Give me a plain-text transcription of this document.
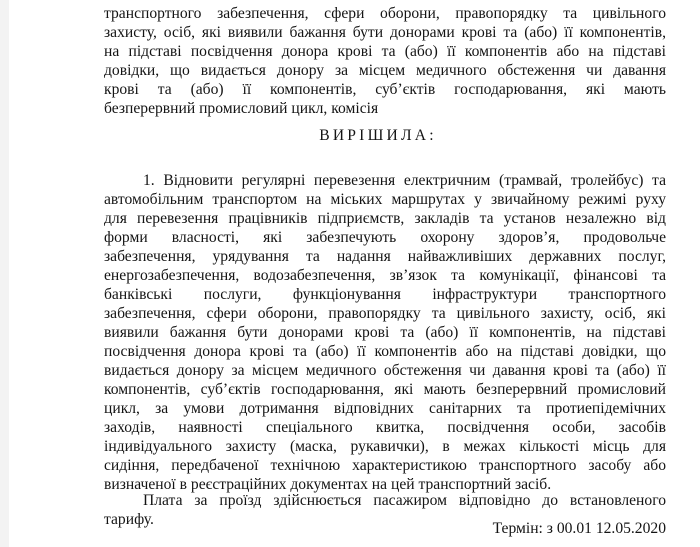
транспортного забезпечення, сфери оборони, правопорядку та цивільного
захисту, осіб, які виявили бажання бути донорами крові та (або) її компонентів,
на підставі посвідчення донора крові та (або) її компонентів або на підставі
довідки, що видається донору за місцем медичного обстеження чи давання
крові та (або) її компонентів, суб’єктів господарювання, які мають
безперервний промисловий цикл, комісія
ВИРІШИЛА:
1. Відновити регулярні перевезення електричним (трамвай, тролейбус) та
автомобільним транспортом на міських маршрутах у звичайному режимі руху
для перевезення працівників підприємств, закладів та установ незалежно від
форми власності, які забезпечують охорону здоров’я, продовольче
забезпечення, урядування та надання найважливіших державних послуг,
енергозабезпечення, водозабезпечення, зв’язок та комунікації, фінансові та
банківські послуги, функціонування інфраструктури транспортного
забезпечення, сфери оборони, правопорядку та цивільного захисту, осіб, які
виявили бажання бути донорами крові та (або) її компонентів, на підставі
посвідчення донора крові та (або) її компонентів або на підставі довідки, що
видається донору за місцем медичного обстеження чи давання крові та (або) її
компонентів, суб’єктів господарювання, які мають безперервний промисловий
цикл, за умови дотримання відповідних санітарних та протиепідемічних
заходів, наявності спеціального квитка, посвідчення особи, засобів
індивідуального захисту (маска, рукавички), в межах кількості місць для
сидіння, передбаченої технічною характеристикою транспортного засобу або
визначеної в реєстраційних документах на цей транспортний засіб.
Плата за проїзд здійснюється пасажиром відповідно до встановленого
тарифу.
Термін: з 00.01 12.05.2020
